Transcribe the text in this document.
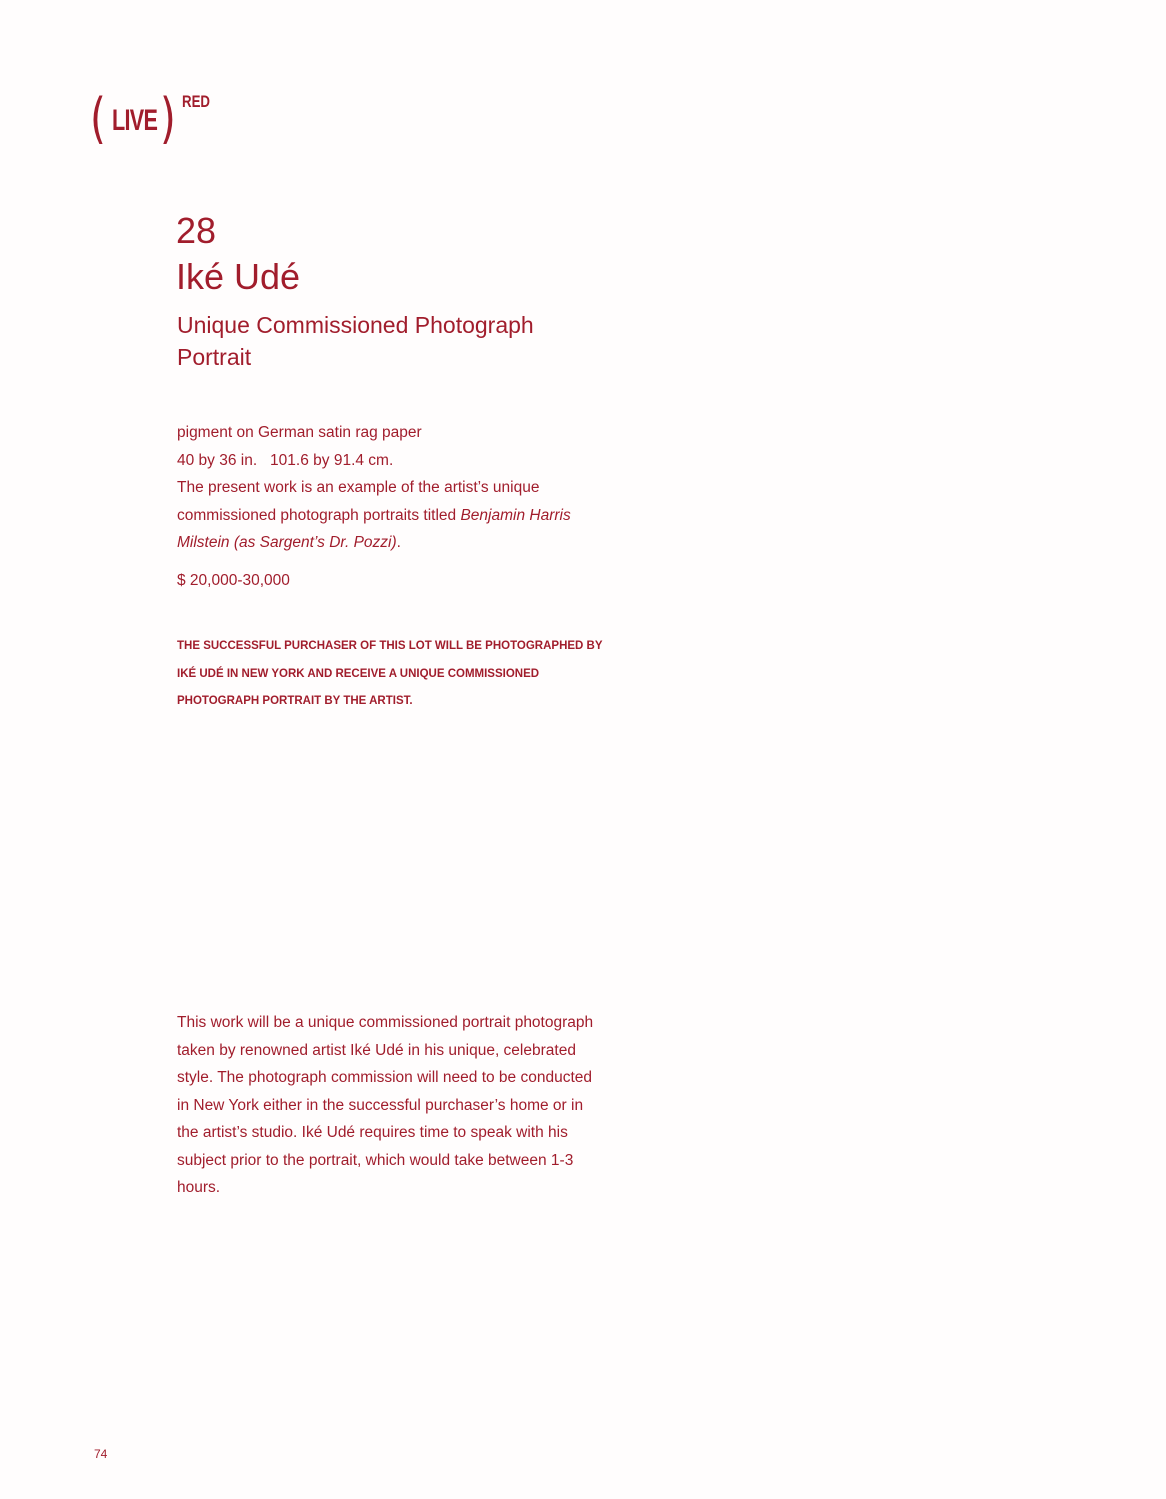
( LIVE ) RED
28
Iké Udé
Unique Commissioned Photograph
Portrait

pigment on German satin rag paper

40 by 36 in.   101.6 by 91.4 cm.

The present work is an example of the artist’s unique commissioned photograph portraits titled Benjamin Harris Milstein (as Sargent’s Dr. Pozzi).

$ 20,000-30,000
THE SUCCESSFUL PURCHASER OF THIS LOT WILL BE PHOTOGRAPHED BY IKÉ UDÉ IN NEW YORK AND RECEIVE A UNIQUE COMMISSIONED PHOTOGRAPH PORTRAIT BY THE ARTIST.
This work will be a unique commissioned portrait photograph taken by renowned artist Iké Udé in his unique, celebrated style. The photograph commission will need to be conducted in New York either in the successful purchaser’s home or in the artist’s studio. Iké Udé requires time to speak with his subject prior to the portrait, which would take between 1-3 hours.
74
